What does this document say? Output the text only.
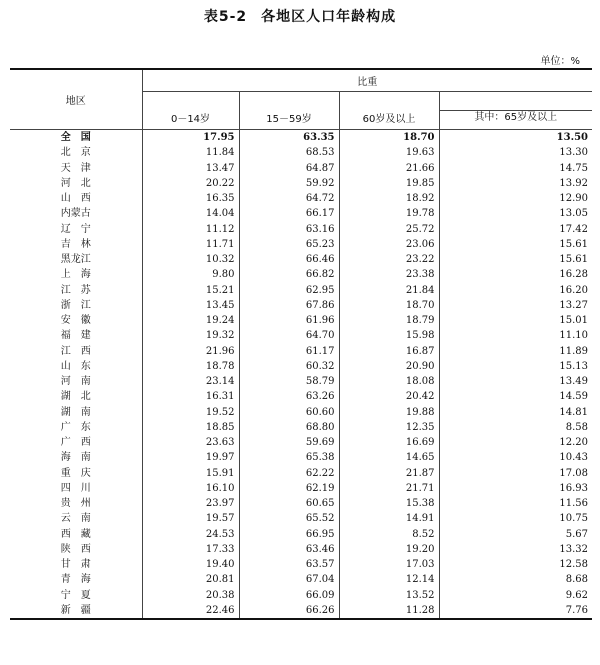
表5-2 各地区人口年龄构成
单位：%
地区	比重			
	0－14岁	15－59岁	60岁及以上	其中：65岁及以上

全　国	17.95	63.35	18.70	13.50
北　京	11.84	68.53	19.63	13.30
天　津	13.47	64.87	21.66	14.75
河　北	20.22	59.92	19.85	13.92
山　西	16.35	64.72	18.92	12.90
内蒙古	14.04	66.17	19.78	13.05
辽　宁	11.12	63.16	25.72	17.42
吉　林	11.71	65.23	23.06	15.61
黑龙江	10.32	66.46	23.22	15.61
上　海	9.80	66.82	23.38	16.28
江　苏	15.21	62.95	21.84	16.20
浙　江	13.45	67.86	18.70	13.27
安　徽	19.24	61.96	18.79	15.01
福　建	19.32	64.70	15.98	11.10
江　西	21.96	61.17	16.87	11.89
山　东	18.78	60.32	20.90	15.13
河　南	23.14	58.79	18.08	13.49
湖　北	16.31	63.26	20.42	14.59
湖　南	19.52	60.60	19.88	14.81
广　东	18.85	68.80	12.35	8.58
广　西	23.63	59.69	16.69	12.20
海　南	19.97	65.38	14.65	10.43
重　庆	15.91	62.22	21.87	17.08
四　川	16.10	62.19	21.71	16.93
贵　州	23.97	60.65	15.38	11.56
云　南	19.57	65.52	14.91	10.75
西　藏	24.53	66.95	8.52	5.67
陕　西	17.33	63.46	19.20	13.32
甘　肃	19.40	63.57	17.03	12.58
青　海	20.81	67.04	12.14	8.68
宁　夏	20.38	66.09	13.52	9.62
新　疆	22.46	66.26	11.28	7.76
